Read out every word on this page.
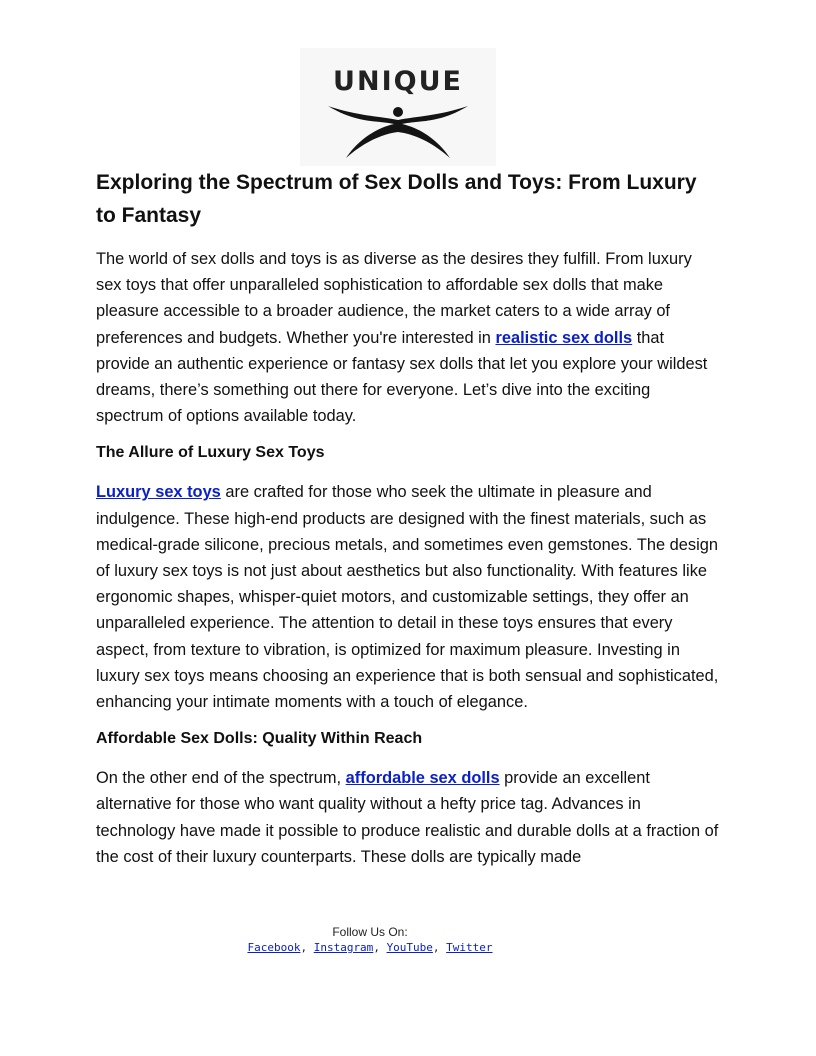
UNIQUE
Exploring the Spectrum of Sex Dolls and Toys: From Luxury to Fantasy

The world of sex dolls and toys is as diverse as the desires they fulfill. From luxury sex toys that offer unparalleled sophistication to affordable sex dolls that make pleasure accessible to a broader audience, the market caters to a wide array of preferences and budgets. Whether you're interested in realistic sex dolls that provide an authentic experience or fantasy sex dolls that let you explore your wildest dreams, there’s something out there for everyone. Let’s dive into the exciting spectrum of options available today.

The Allure of Luxury Sex Toys

Luxury sex toys are crafted for those who seek the ultimate in pleasure and indulgence. These high-end products are designed with the finest materials, such as medical-grade silicone, precious metals, and sometimes even gemstones. The design of luxury sex toys is not just about aesthetics but also functionality. With features like ergonomic shapes, whisper-quiet motors, and customizable settings, they offer an unparalleled experience. The attention to detail in these toys ensures that every aspect, from texture to vibration, is optimized for maximum pleasure. Investing in luxury sex toys means choosing an experience that is both sensual and sophisticated, enhancing your intimate moments with a touch of elegance.

Affordable Sex Dolls: Quality Within Reach

On the other end of the spectrum, affordable sex dolls provide an excellent alternative for those who want quality without a hefty price tag. Advances in technology have made it possible to produce realistic and durable dolls at a fraction of the cost of their luxury counterparts. These dolls are typically made

Follow Us On:
Facebook, Instagram, YouTube, Twitter
